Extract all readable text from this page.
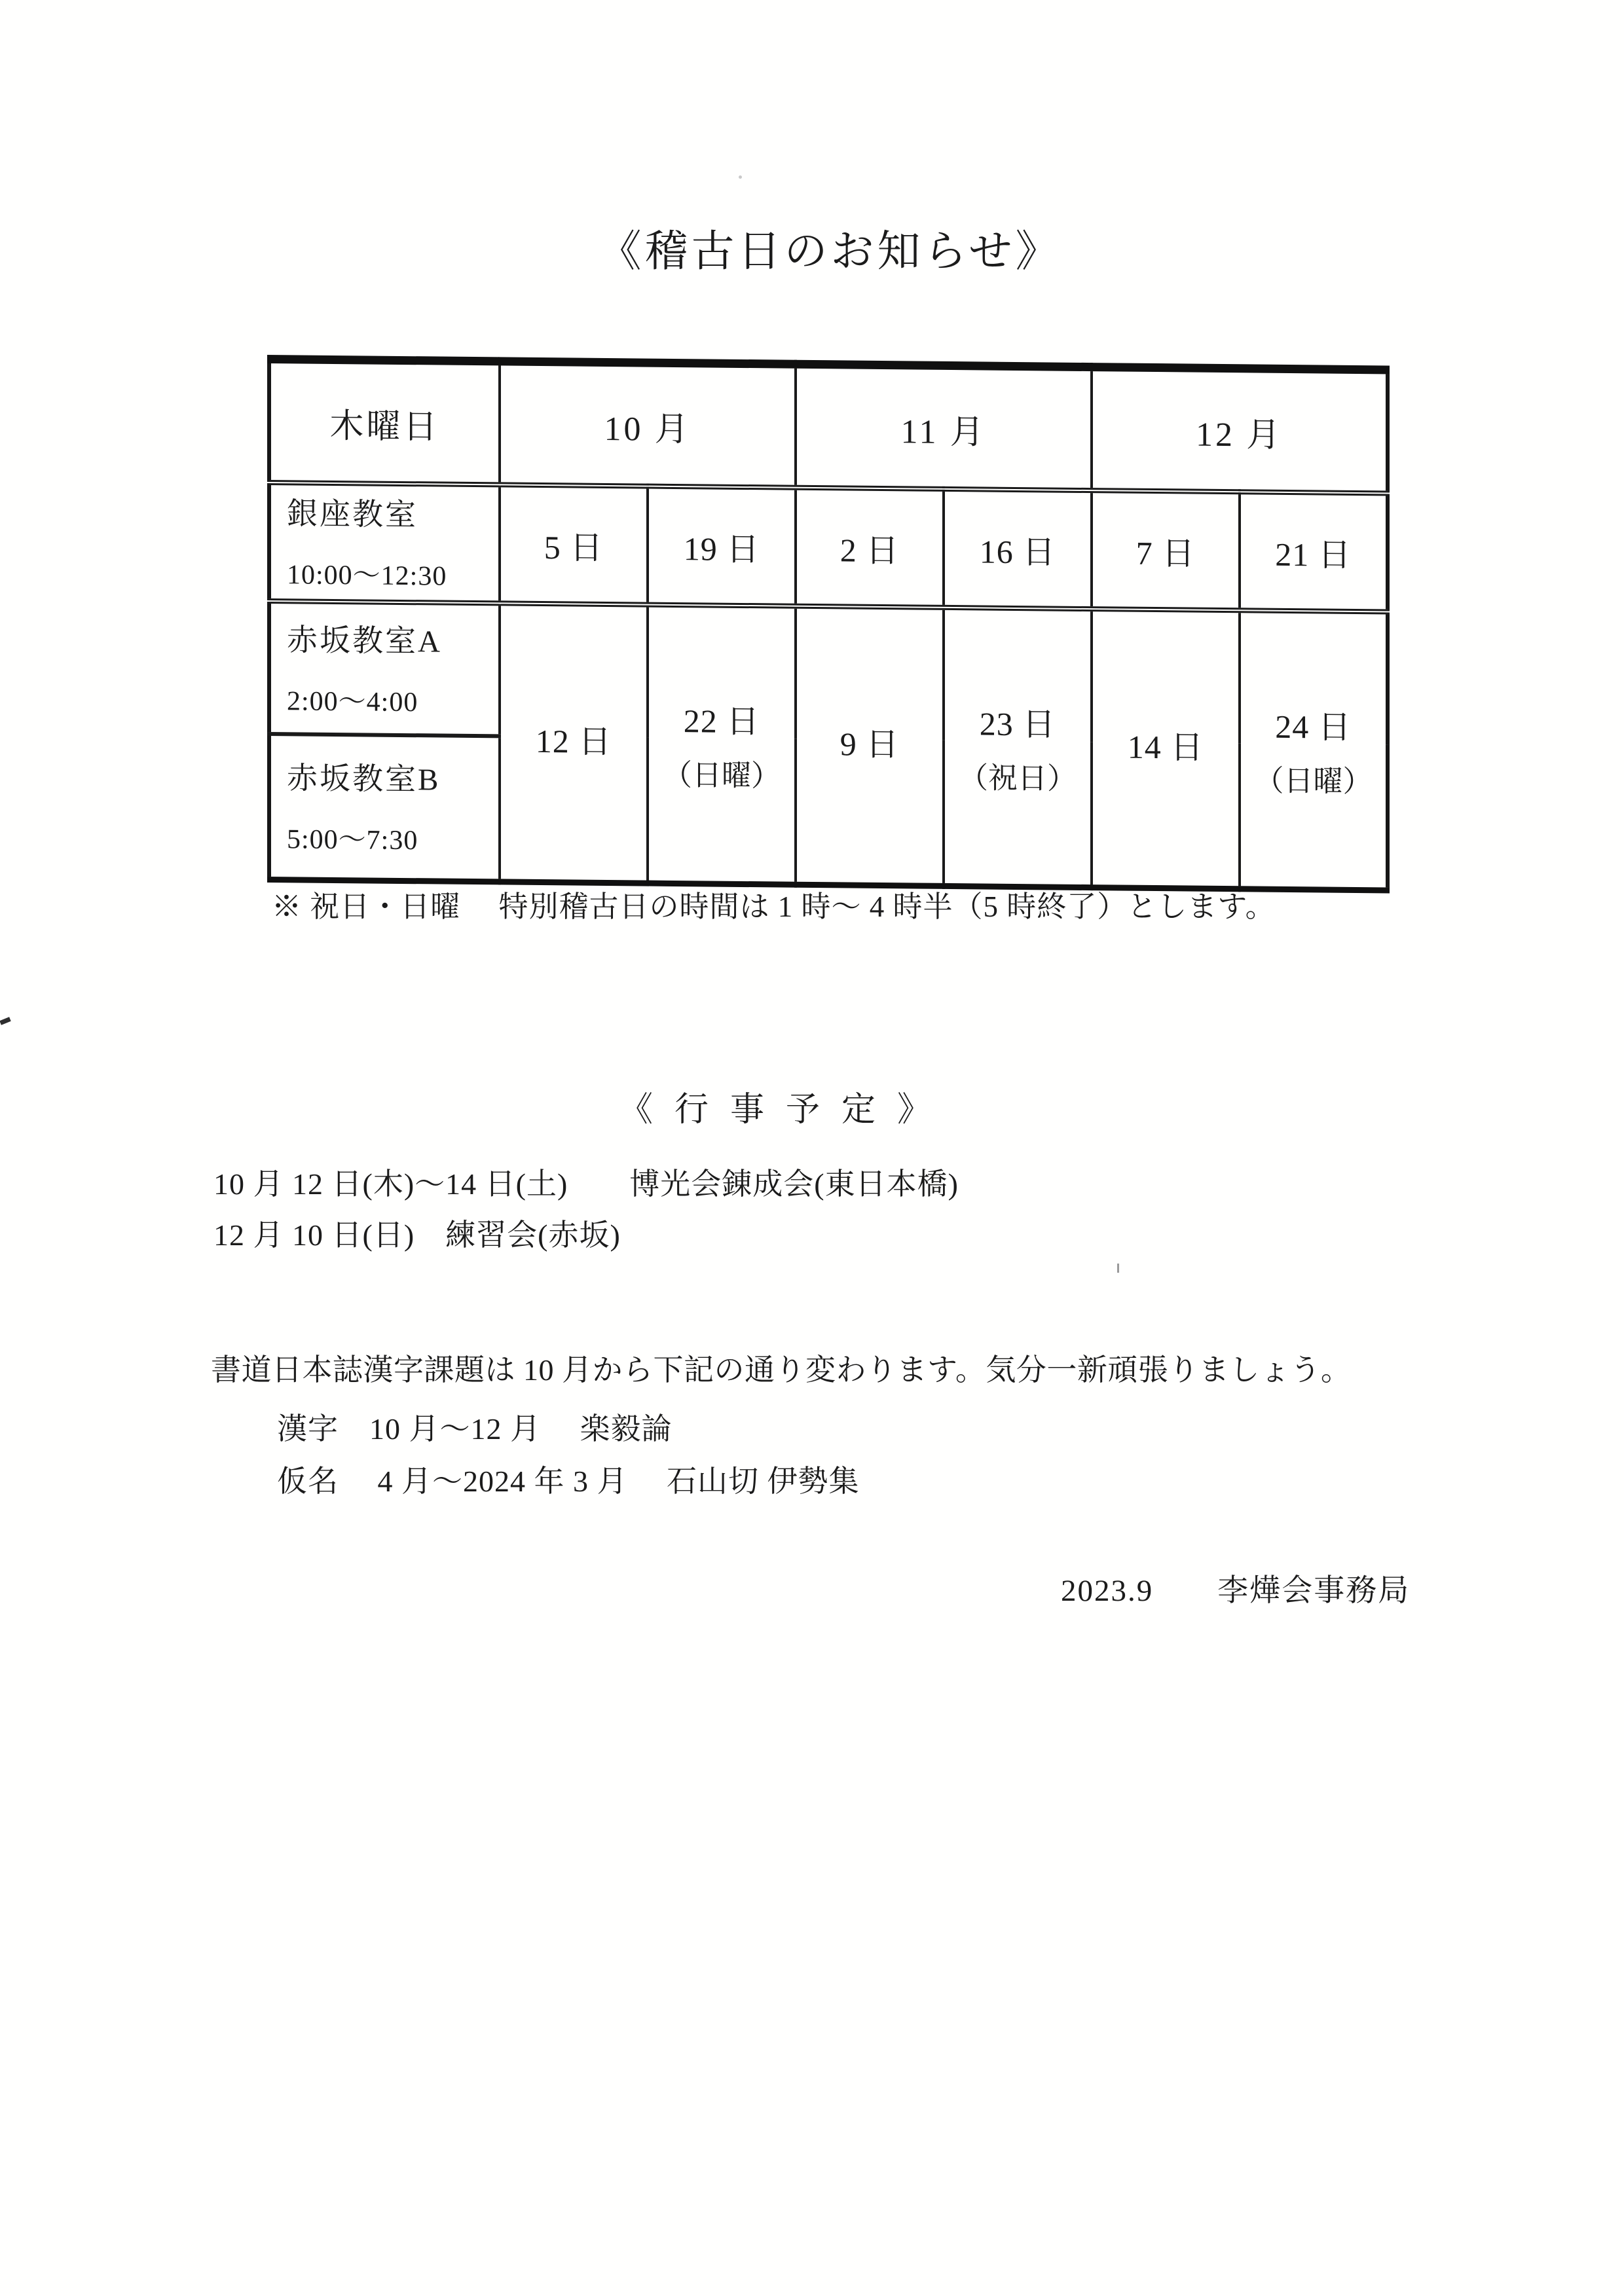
《稽古日のお知らせ》
木曜日	10 月		11 月		12 月	

銀座教室
10:00～12:30	5 日	19 日	2 日	16 日	7 日	21 日

赤坂教室A
2:00～4:00

12 日

22 日
（日曜）

9 日

23 日
（祝日）

14 日

24 日
（日曜）

赤坂教室B
5:00～7:30						
※ 祝日・日曜　 特別稽古日の時間は 1 時～ 4 時半（5 時終了）とします。
《 行 事 予 定 》
10 月 12 日(木)～14 日(土)　　博光会錬成会(東日本橋)
12 月 10 日(日)　練習会(赤坂)
書道日本誌漢字課題は 10 月から下記の通り変わります。気分一新頑張りましょう。
漢字　10 月～12 月　 楽毅論
仮名　 4 月～2024 年 3 月　 石山切 伊勢集
2023.9　　李燁会事務局
